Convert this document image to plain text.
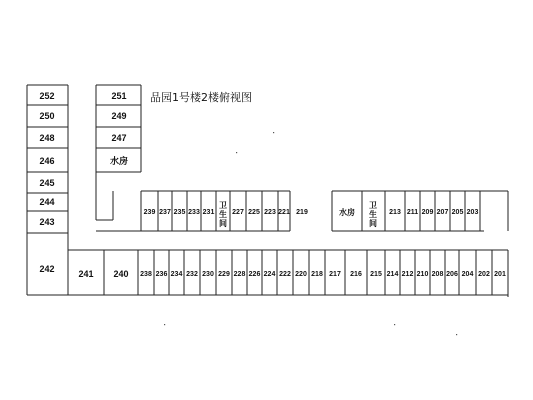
品园1号楼2楼俯视图
252
250
248
246
245
244
243
242
251
249
247
水房
241 240 238 236 234 232 230 229 228 226 224 222 220 218 217 216 215 214 212 210 208 206 204 202 201
239 237 235 233 231
卫生间
227 225 223 221 219	水房
卫生间
213 211 209 207 205 203
